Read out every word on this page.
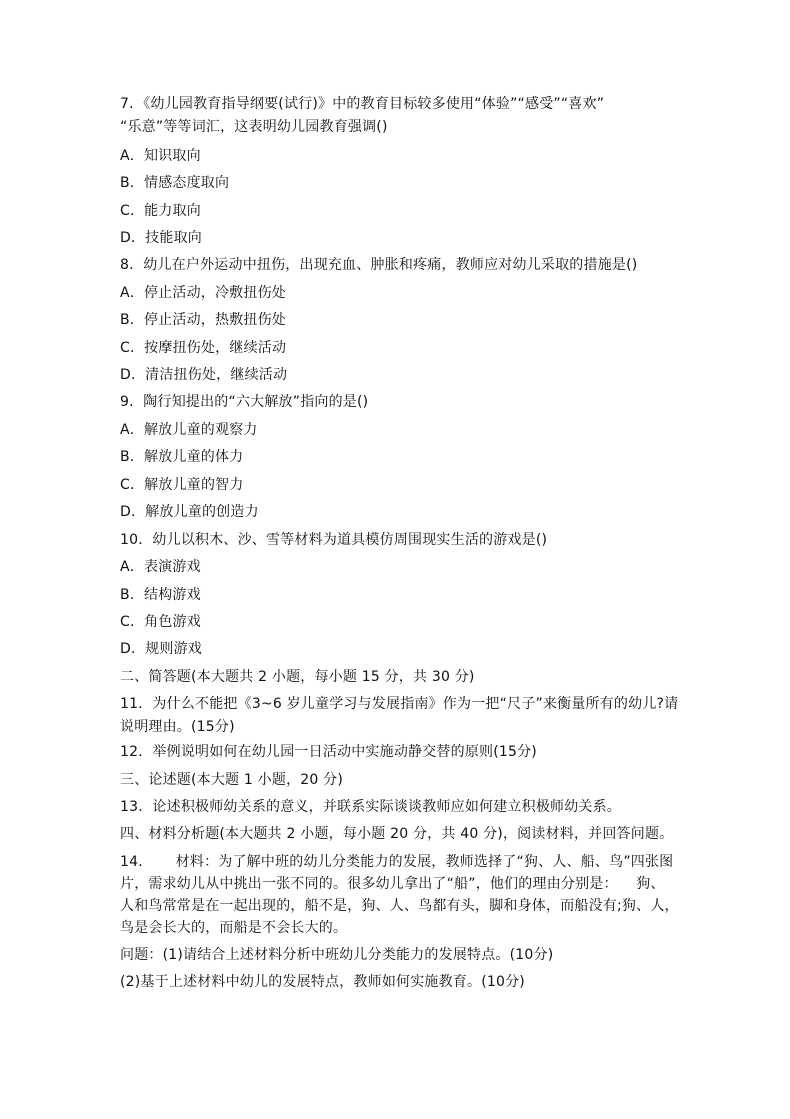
7．《幼儿园教育指导纲要(试行)》中的教育目标较多使用“体验”“感受”“喜欢”
“乐意”等等词汇，这表明幼儿园教育强调()
A．知识取向
B．情感态度取向
C．能力取向
D．技能取向
8．幼儿在户外运动中扭伤，出现充血、肿胀和疼痛，教师应对幼儿采取的措施是()
A．停止活动，冷敷扭伤处
B．停止活动，热敷扭伤处
C．按摩扭伤处，继续活动
D．清洁扭伤处，继续活动
9．陶行知提出的“六大解放”指向的是()
A．解放儿童的观察力
B．解放儿童的体力
C．解放儿童的智力
D．解放儿童的创造力
10．幼儿以积木、沙、雪等材料为道具模仿周围现实生活的游戏是()
A．表演游戏
B．结构游戏
C．角色游戏
D．规则游戏
二、简答题(本大题共 2 小题，每小题 15 分，共 30 分)
11．为什么不能把《3~6 岁儿童学习与发展指南》作为一把“尺子”来衡量所有的幼儿?请
说明理由。(15分)
12．举例说明如何在幼儿园一日活动中实施动静交替的原则(15分)
三、论述题(本大题 1 小题，20 分)
13．论述积极师幼关系的意义，并联系实际谈谈教师应如何建立积极师幼关系。
四、材料分析题(本大题共 2 小题，每小题 20 分，共 40 分)，阅读材料，并回答问题。
14．     材料：为了解中班的幼儿分类能力的发展，教师选择了“狗、人、船、鸟”四张图
片，需求幼儿从中挑出一张不同的。很多幼儿拿出了“船”，他们的理由分别是：    狗、
人和鸟常常是在一起出现的，船不是，狗、人、鸟都有头，脚和身体，而船没有;狗、人，
鸟是会长大的，而船是不会长大的。
问题：(1)请结合上述材料分析中班幼儿分类能力的发展特点。(10分)
(2)基于上述材料中幼儿的发展特点，教师如何实施教育。(10分)
